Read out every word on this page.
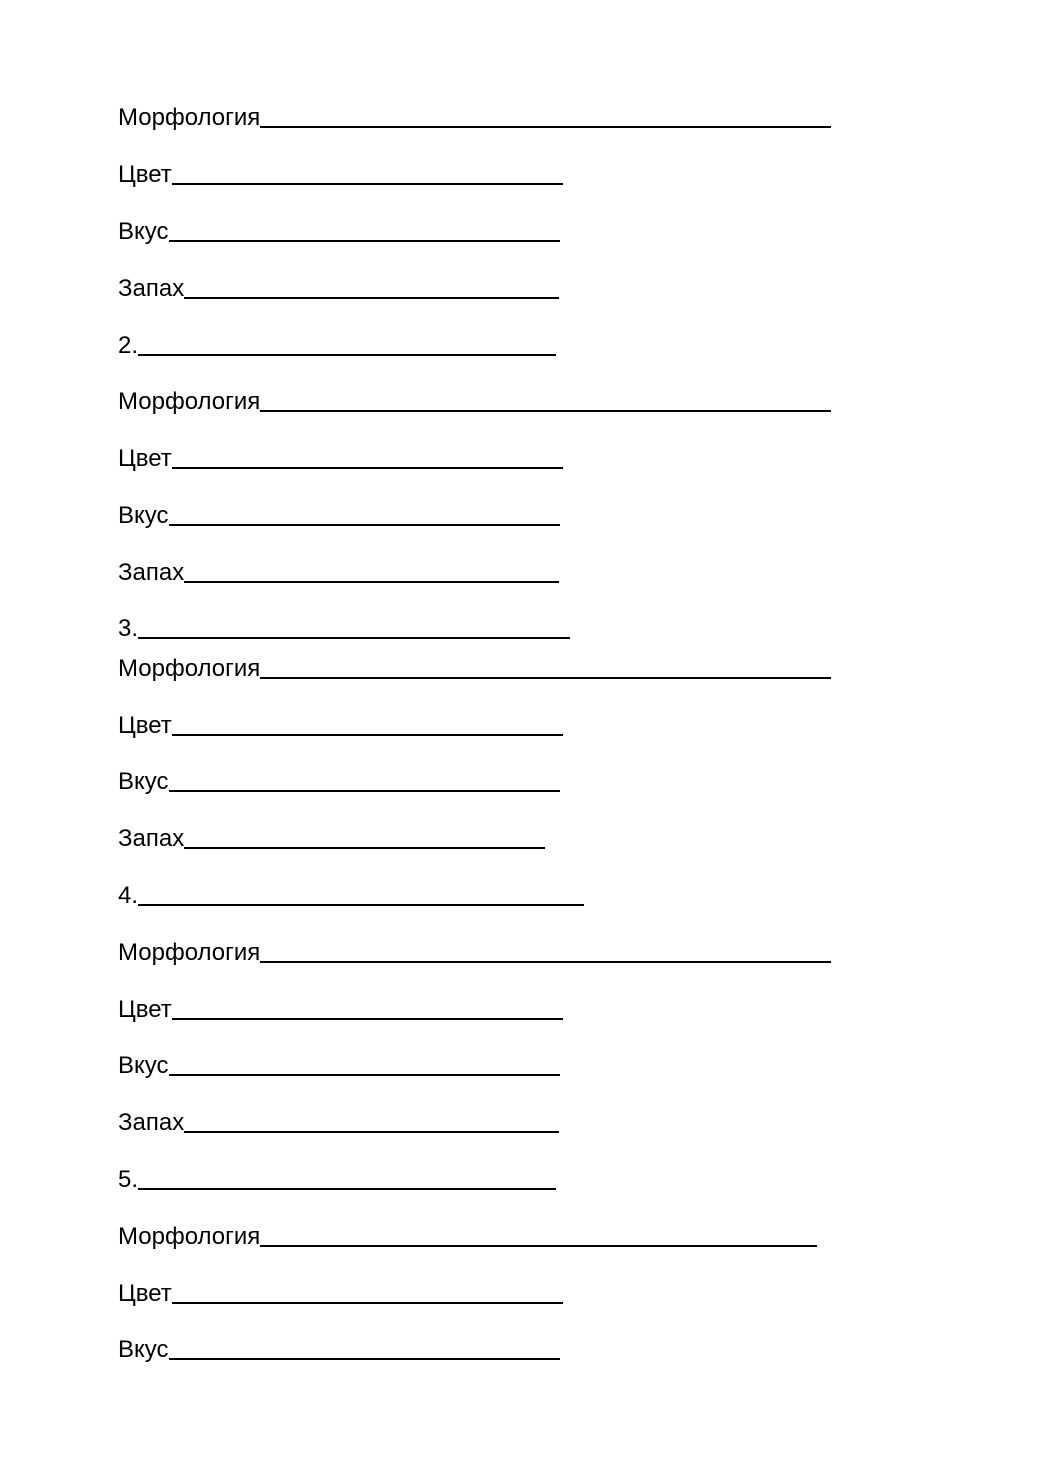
Морфология
Цвет
Вкус
Запах
2.
Морфология
Цвет
Вкус
Запах
3.
Морфология
Цвет
Вкус
Запах
4.
Морфология
Цвет
Вкус
Запах
5.
Морфология
Цвет
Вкус
